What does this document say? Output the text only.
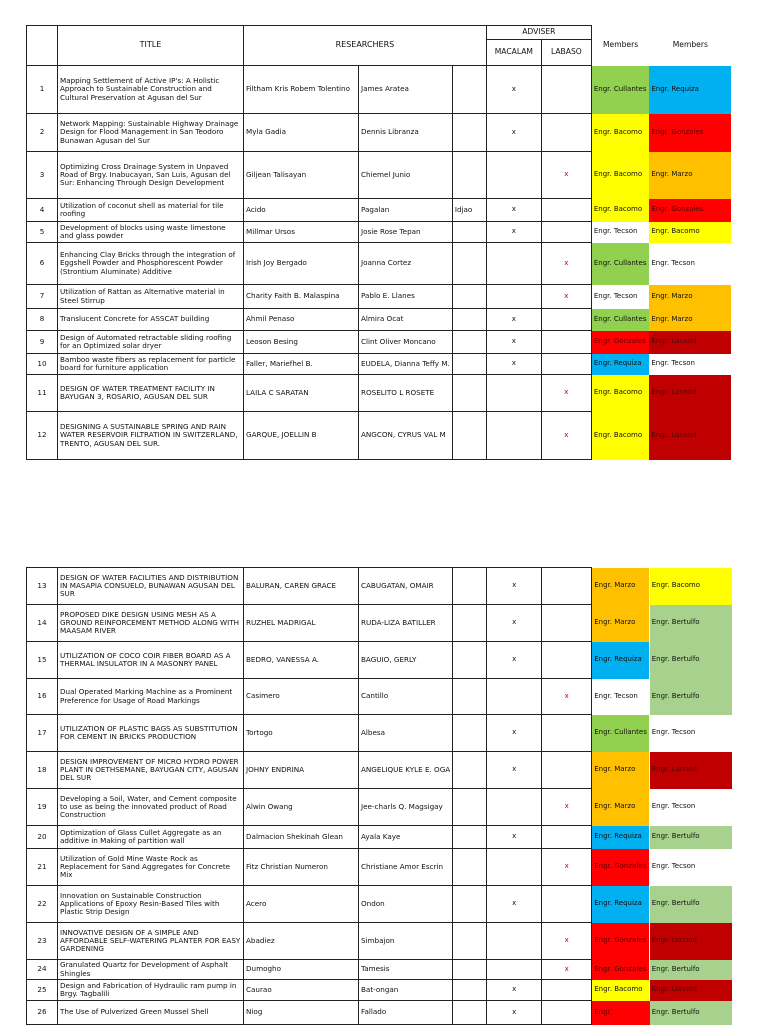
	TITLE	RESEARCHERS			ADVISER		Members	Members
					MACALAM	LABASO		
1	Mapping Settlement of Active IP's: A Holistic Approach to Sustainable Construction and Cultural Preservation at Agusan del Sur	Filtham Kris Robem Tolentino	James Aratea		x		Engr. Cullantes	Engr. Requiza
2	Network Mapping: Sustainable Highway Drainage Design for Flood Management in San Teodoro Bunawan Agusan del Sur	Myla Gadia	Dennis Libranza		x		Engr. Bacomo	Engr. Gonzales
3	Optimizing Cross Drainage System in Unpaved Road of Brgy. Inabucayan, San Luis, Agusan del Sur: Enhancing Through Design Development	Giljean Talisayan	Chiemel Junio			x	Engr. Bacomo	Engr. Marzo
4	Utilization of coconut shell as material for tile roofing	Acido	Pagalan	Idjao	x		Engr. Bacomo	Engr. Gonzales
5	Development of blocks using waste limestone and glass powder	Millmar Ursos	Josie Rose Tepan		x		Engr. Tecson	Engr. Bacomo
6	Enhancing Clay Bricks through the integration of Eggshell Powder and Phosphorescent Powder (Strontium Aluminate) Additive	Irish Joy Bergado	Joanna Cortez			x	Engr. Cullantes	Engr. Tecson
7	Utilization of Rattan as Alternative material in Steel Stirrup	Charity Faith B. Malaspina	Pablo E. Llanes			x	Engr. Tecson	Engr. Marzo
8	Translucent Concrete for ASSCAT building	Ahmil Penaso	Almira Ocat		x		Engr. Cullantes	Engr. Marzo
9	Design of Automated retractable sliding roofing for an Optimized solar dryer	Leoson Besing	Clint Oliver Moncano		x		Engr. Gonzales	Engr. Lucnod
10	Bamboo waste fibers as replacement for particle board for furniture application	Faller, Mariefhel B.	EUDELA, Dianna Teffy M.		x		Engr. Requiza	Engr. Tecson
11	DESIGN OF WATER TREATMENT FACILITY IN BAYUGAN 3, ROSARIO, AGUSAN DEL SUR	LAILA C SARATAN	ROSELITO L ROSETE			x	Engr. Bacomo	Engr. Lucnod
12	DESIGNING A SUSTAINABLE SPRING AND RAIN WATER RESERVOIR FILTRATION IN SWITZERLAND, TRENTO, AGUSAN DEL SUR.	GARQUE, JOELLIN B	ANGCON, CYRUS VAL M			x	Engr. Bacomo	Engr. Lucnod
13	DESIGN OF WATER FACILITIES AND DISTRIBUTION IN MASAPIA CONSUELO, BUNAWAN AGUSAN DEL SUR	BALURAN, CAREN GRACE	CABUGATAN, OMAIR		x		Engr. Marzo	Engr. Bacomo
14	PROPOSED DIKE DESIGN USING MESH AS A GROUND REINFORCEMENT METHOD ALONG WITH MAASAM RIVER	RUZHEL MADRIGAL	RUDA-LIZA BATILLER		x		Engr. Marzo	Engr. Bertulfo
15	UTILIZATION OF COCO COIR FIBER BOARD AS A THERMAL INSULATOR IN A MASONRY PANEL	BEDRO, VANESSA A.	BAGUIO, GERLY		x		Engr. Requiza	Engr. Bertulfo
16	Dual Operated Marking Machine as a Prominent Preference for Usage of Road Markings	Casimero	Cantillo			x	Engr. Tecson	Engr. Bertulfo
17	UTILIZATION OF PLASTIC BAGS AS SUBSTITUTION FOR CEMENT IN BRICKS PRODUCTION	Tortogo	Albesa		x		Engr. Cullantes	Engr. Tecson
18	DESIGN IMPROVEMENT OF MICRO HYDRO POWER PLANT IN OETHSEMANE, BAYUGAN CITY, AGUSAN DEL SUR	JOHNY ENDRINA	ANGELIQUE KYLE E. OGA		x		Engr. Marzo	Engr. Lucnod
19	Developing a Soil, Water, and Cement composite to use as being the innovated product of Road Construction	Alwin Owang	Jee-charls Q. Magsigay			x	Engr. Marzo	Engr. Tecson
20	Optimization of Glass Cullet Aggregate as an additive in Making of partition wall	Dalmacion Shekinah Glean	Ayala Kaye		x		Engr. Requiza	Engr. Bertulfo
21	Utilization of Gold Mine Waste Rock as Replacement for Sand Aggregates for Concrete Mix	Fitz Christian Numeron	Christiane Amor Escrin			x	Engr. Gonzales	Engr. Tecson
22	Innovation on Sustainable Construction Applications of Epoxy Resin-Based Tiles with Plastic Strip Design	Acero	Ondon		x		Engr. Requiza	Engr. Bertulfo
23	INNOVATIVE DESIGN OF A SIMPLE AND AFFORDABLE SELF-WATERING PLANTER FOR EASY GARDENING	Abadiez	Simbajon			x	Engr. Gonzales	Engr. Lucnod
24	Granulated Quartz for Development of Asphalt Shingles	Dumogho	Tamesis			x	Engr. Gonzales	Engr. Bertulfo
25	Design and Fabrication of Hydraulic ram pump in Brgy. Tagbalili	Caurao	Bat-ongan		x		Engr. Bacomo	Engr. Lucnod
26	The Use of Pulverized Green Mussel Shell	Niog	Fallado		x		Engr.	Engr. Bertulfo
